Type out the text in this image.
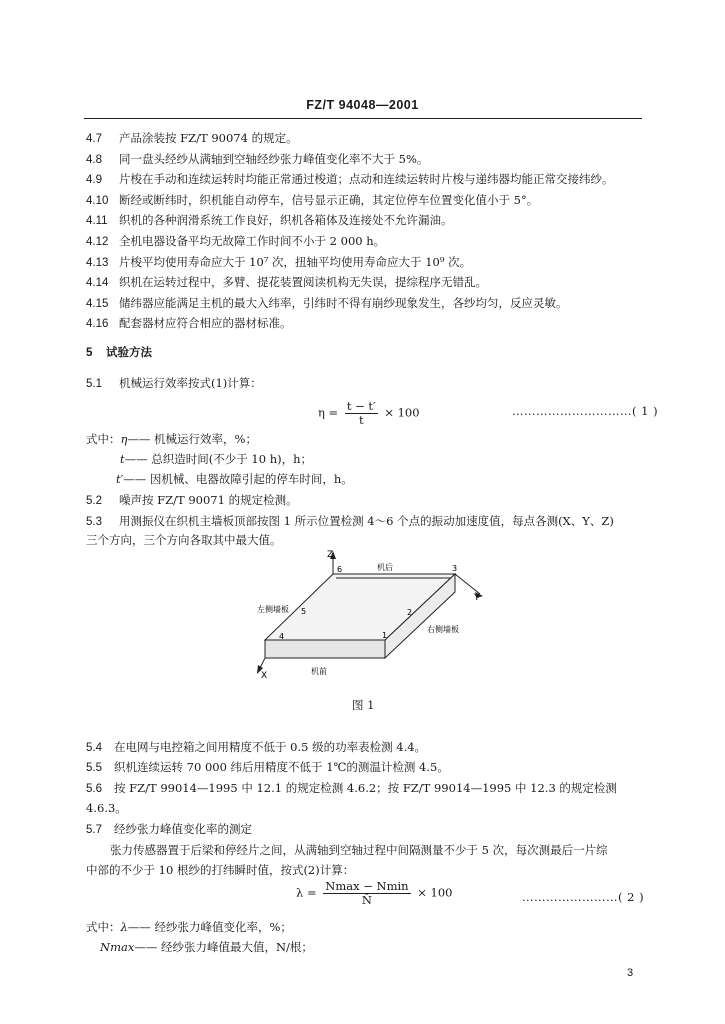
FZ/T 94048—2001
4.7 产品涂装按 FZ/T 90074 的规定。
4.8 同一盘头经纱从满轴到空轴经纱张力峰值变化率不大于 5%。
4.9 片梭在手动和连续运转时均能正常通过梭道；点动和连续运转时片梭与递纬器均能正常交接纬纱。
4.10 断经或断纬时，织机能自动停车，信号显示正确，其定位停车位置变化值小于 5°。
4.11 织机的各种润滑系统工作良好，织机各箱体及连接处不允许漏油。
4.12 全机电器设备平均无故障工作时间不小于 2 000 h。
4.13 片梭平均使用寿命应大于 10⁷ 次，扭轴平均使用寿命应大于 10⁹ 次。
4.14 织机在运转过程中，多臂、提花装置阅读机构无失误，提综程序无错乱。
4.15 储纬器应能满足主机的最大入纬率，引纬时不得有崩纱现象发生，各纱均匀，反应灵敏。
4.16 配套器材应符合相应的器材标准。
5 试验方法
5.1 机械运行效率按式(1)计算：
$\eta = \frac{t - t'}{t} \times 100$	…………………………( 1 )
式中：η—— 机械运行效率，%；
t—— 总织造时间(不少于 10 h)，h；
t′—— 因机械、电器故障引起的停车时间，h。
5.2 噪声按 FZ/T 90071 的规定检测。
5.3 用测振仪在织机主墙板顶部按图 1 所示位置检测 4～6 个点的振动加速度值，每点各测(X、Y、Z)
三个方向，三个方向各取其中最大值。
Z
Y
X
机后
机前
左侧墙板
右侧墙板
1
2
3
4
5
6
图 1
5.4 在电网与电控箱之间用精度不低于 0.5 级的功率表检测 4.4。
5.5 织机连续运转 70 000 纬后用精度不低于 1℃的测温计检测 4.5。
5.6 按 FZ/T 99014—1995 中 12.1 的规定检测 4.6.2；按 FZ/T 99014—1995 中 12.3 的规定检测
4.6.3。
5.7 经纱张力峰值变化率的测定
张力传感器置于后梁和停经片之间，从满轴到空轴过程中间隔测量不少于 5 次，每次测最后一片综
中部的不少于 10 根纱的打纬瞬时值，按式(2)计算：
$\lambda = \frac{Nmax - Nmin}{N̄} \times 100$	……………………( 2 )
式中：λ—— 经纱张力峰值变化率，%；
Nmax—— 经纱张力峰值最大值，N/根；
3
